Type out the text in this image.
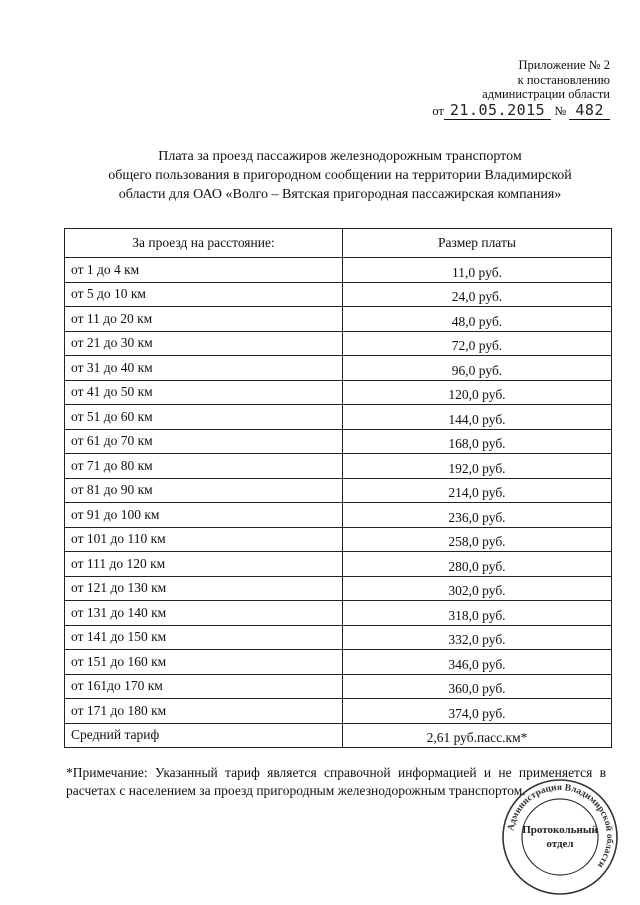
Приложение № 2
к постановлению
администрации области
от 21.05.2015 № 482
Плата за проезд пассажиров железнодорожным транспортом
общего пользования в пригородном сообщении на территории Владимирской
области для ОАО «Волго – Вятская пригородная пассажирская компания»
За проезд на расстояние:	Размер платы
от 1 до 4 км	11,0 руб.
от 5 до 10 км	24,0 руб.
от 11 до 20 км	48,0 руб.
от 21 до 30 км	72,0 руб.
от 31 до 40 км	96,0 руб.
от 41 до 50 км	120,0 руб.
от 51 до 60 км	144,0 руб.
от 61 до 70 км	168,0 руб.
от 71 до 80 км	192,0 руб.
от 81 до 90 км	214,0 руб.
от 91 до 100 км	236,0 руб.
от 101 до 110 км	258,0 руб.
от 111 до 120 км	280,0 руб.
от 121 до 130 км	302,0 руб.
от 131 до 140 км	318,0 руб.
от 141 до 150 км	332,0 руб.
от 151 до 160 км	346,0 руб.
от 161до 170 км	360,0 руб.
от 171 до 180 км	374,0 руб.
Средний тариф	2,61 руб.пасс.км*
*Примечание: Указанный тариф является справочной информацией и не применяется в расчетах с населением за проезд пригородным железнодорожным транспортом.
Администрация Владимирской области
Протокольный
отдел
